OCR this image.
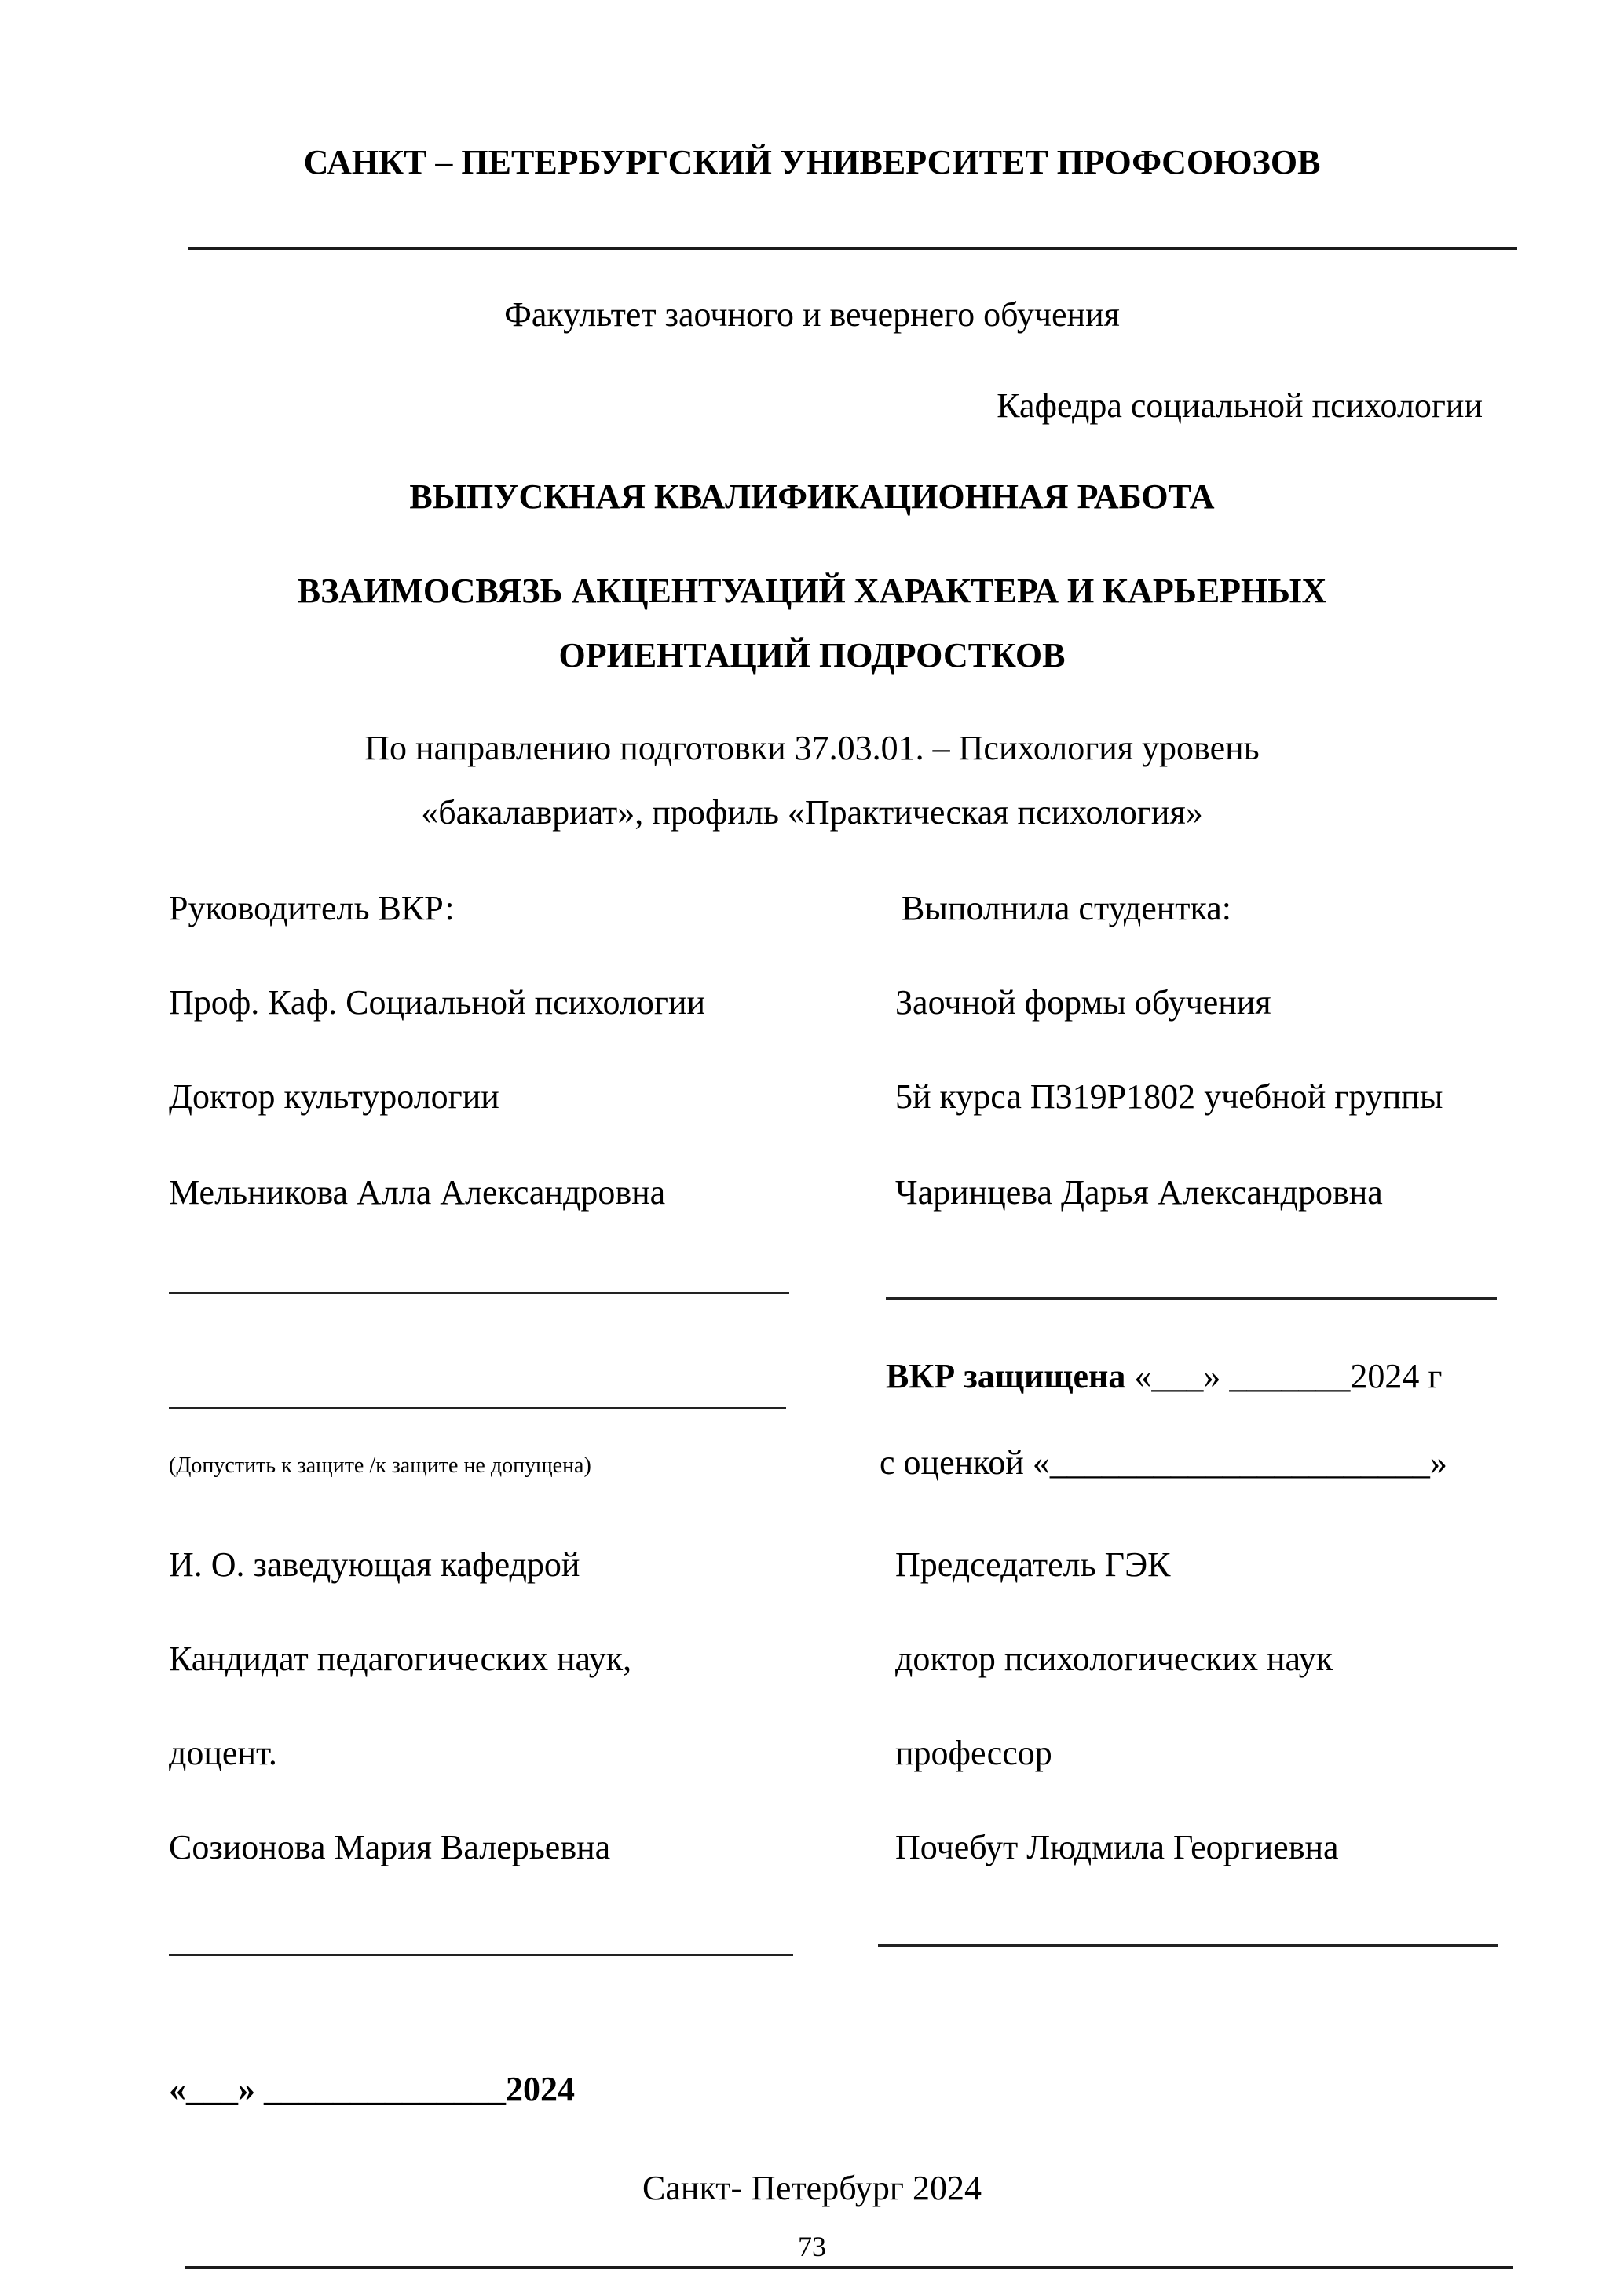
САНКТ – ПЕТЕРБУРГСКИЙ УНИВЕРСИТЕТ ПРОФСОЮЗОВ
Факультет заочного и вечернего обучения
Кафедра социальной психологии
ВЫПУСКНАЯ КВАЛИФИКАЦИОННАЯ РАБОТА
ВЗАИМОСВЯЗЬ АКЦЕНТУАЦИЙ ХАРАКТЕРА И КАРЬЕРНЫХ
ОРИЕНТАЦИЙ ПОДРОСТКОВ
По направлению подготовки 37.03.01. – Психология уровень
«бакалавриат», профиль «Практическая психология»
Руководитель ВКР:	Выполнила студентка:
Проф. Каф. Социальной психологии	Заочной формы обучения
Доктор культурологии	5й курса П319Р1802 учебной группы
Мельникова Алла Александровна	Чаринцева Дарья Александровна
ВКР защищена «___» _______2024 г
(Допустить к защите /к защите не допущена)	с оценкой «______________________»
И. О. заведующая кафедрой	Председатель ГЭК
Кандидат педагогических наук,	доктор психологических наук
доцент.	профессор
Созионова Мария Валерьевна	Почебут Людмила Георгиевна
«___» ______________2024
Санкт- Петербург 2024
73
